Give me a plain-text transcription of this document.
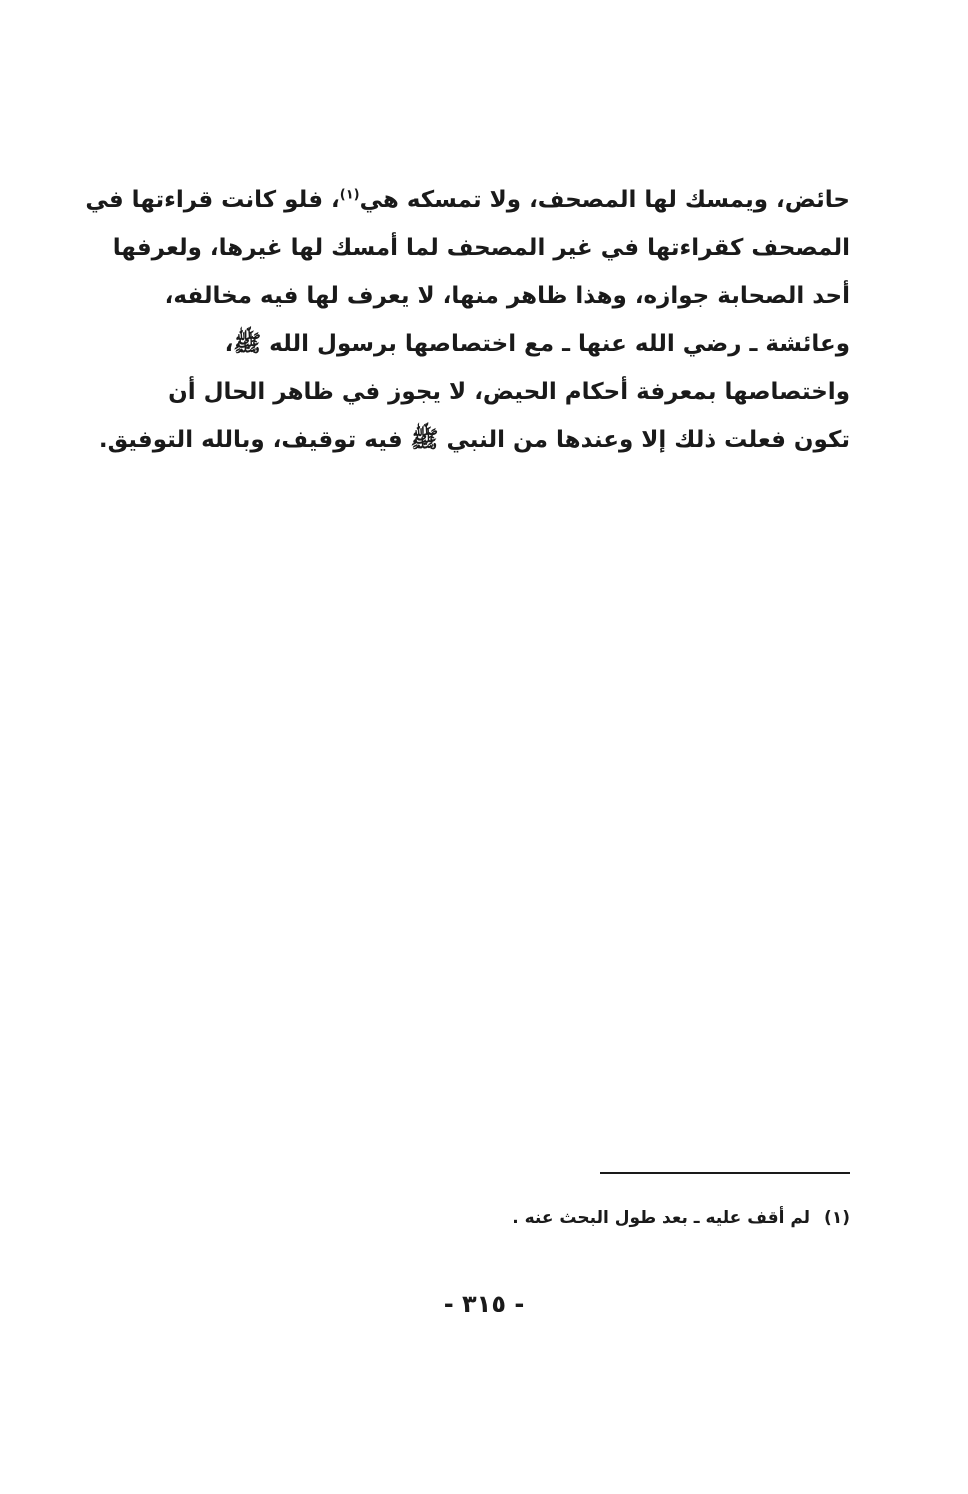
حائض، ويمسك لها المصحف، ولا تمسكه هي$^{(١)}$، فلو كانت قراءتها في
المصحف كقراءتها في غير المصحف لما أمسك لها غيرها، ولعرفها
أحد الصحابة جوازه، وهذا ظاهر منها، لا يعرف لها فيه مخالفه،
وعائشة ـ رضي الله عنها ـ مع اختصاصها برسول الله ﷺ،
واختصاصها بمعرفة أحكام الحيض، لا يجوز في ظاهر الحال أن
تكون فعلت ذلك إلا وعندها من النبي ﷺ فيه توقيف، وبالله التوفيق.
(١)لم أقف عليه ـ بعد طول البحث عنه .
- ٣١٥ -
